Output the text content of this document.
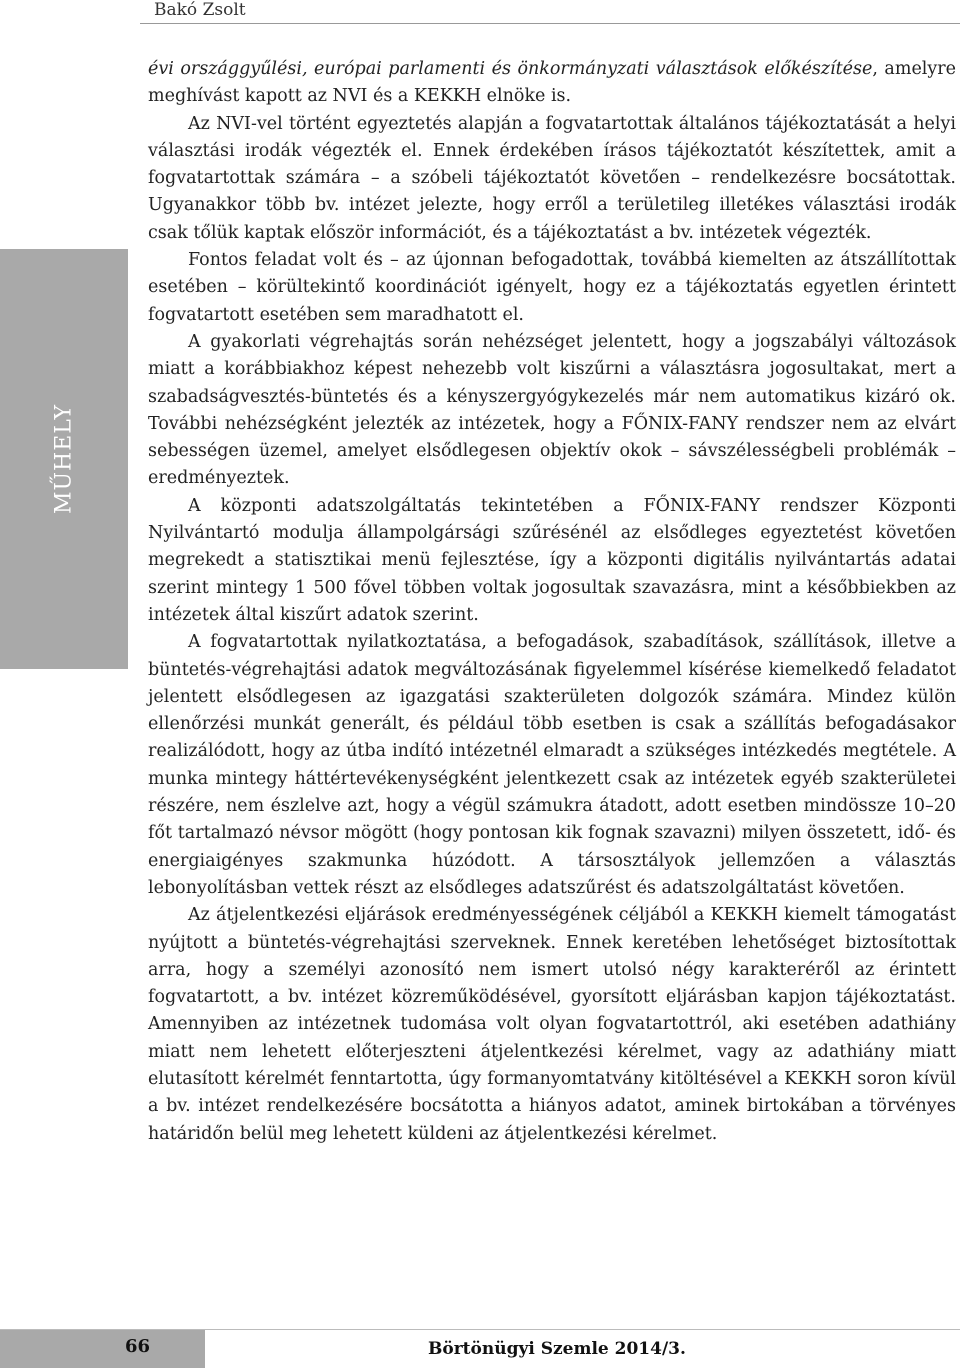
Bakó Zsolt
MŰHELY

évi országgyűlési, európai parlamenti és önkormányzati választások előkészítése, amelyre meghívást kapott az NVI és a KEKKH elnöke is.

Az NVI-vel történt egyeztetés alapján a fogvatartottak általános tájékoztatását a helyi választási irodák végezték el. Ennek érdekében írásos tájékoztatót készítettek, amit a fogvatartottak számára – a szóbeli tájékoztatót követően – rendelkezésre bocsátottak. Ugyanakkor több bv. intézet jelezte, hogy erről a területileg illetékes választási irodák csak tőlük kaptak először információt, és a tájékoztatást a bv. intézetek végezték.

Fontos feladat volt és – az újonnan befogadottak, továbbá kiemelten az átszállítottak esetében – körültekintő koordinációt igényelt, hogy ez a tájékoztatás egyetlen érintett fogvatartott esetében sem maradhatott el.

A gyakorlati végrehajtás során nehézséget jelentett, hogy a jogszabályi változások miatt a korábbiakhoz képest nehezebb volt kiszűrni a választásra jogosultakat, mert a szabadságvesztés-büntetés és a kényszergyógykezelés már nem automatikus kizáró ok. További nehézségként jelezték az intézetek, hogy a FŐNIX-FANY rendszer nem az elvárt sebességen üzemel, amelyet elsődlegesen objektív okok – sávszélességbeli problémák – eredményeztek.

A központi adatszolgáltatás tekintetében a FŐNIX-FANY rendszer Központi Nyilvántartó modulja állampolgársági szűrésénél az elsődleges egyeztetést követően megrekedt a statisztikai menü fejlesztése, így a központi digitális nyilvántartás adatai szerint mintegy 1 500 fővel többen voltak jogosultak szavazásra, mint a későbbiekben az intézetek által kiszűrt adatok szerint.

A fogvatartottak nyilatkoztatása, a befogadások, szabadítások, szállítások, illetve a büntetés-végrehajtási adatok megváltozásának figyelemmel kísérése kiemelkedő feladatot jelentett elsődlegesen az igazgatási szakterületen dolgozók számára. Mindez külön ellenőrzési munkát generált, és például több esetben is csak a szállítás befogadásakor realizálódott, hogy az útba indító intézetnél elmaradt a szükséges intézkedés megtétele. A munka mintegy háttértevékenységként jelentkezett csak az intézetek egyéb szakterületei részére, nem észlelve azt, hogy a végül számukra átadott, adott esetben mindössze 10–20 főt tartalmazó névsor mögött (hogy pontosan kik fognak szavazni) milyen összetett, idő- és energiaigényes szakmunka húzódott. A társosztályok jellemzően a választás lebonyolításban vettek részt az elsődleges adatszűrést és adatszolgáltatást követően.

Az átjelentkezési eljárások eredményességének céljából a KEKKH kiemelt támogatást nyújtott a büntetés-végrehajtási szerveknek. Ennek keretében lehetőséget biztosítottak arra, hogy a személyi azonosító nem ismert utolsó négy karakteréről az érintett fogvatartott, a bv. intézet közreműködésével, gyorsított eljárásban kapjon tájékoztatást. Amennyiben az intézetnek tudomása volt olyan fogvatartottról, aki esetében adathiány miatt nem lehetett előterjeszteni átjelentkezési kérelmet, vagy az adathiány miatt elutasított kérelmét fenntartotta, úgy formanyomtatvány kitöltésével a KEKKH soron kívül a bv. intézet rendelkezésére bocsátotta a hiányos adatot, aminek birtokában a törvényes határidőn belül meg lehetett küldeni az átjelentkezési kérelmet.

66	Börtönügyi Szemle 2014/3.
